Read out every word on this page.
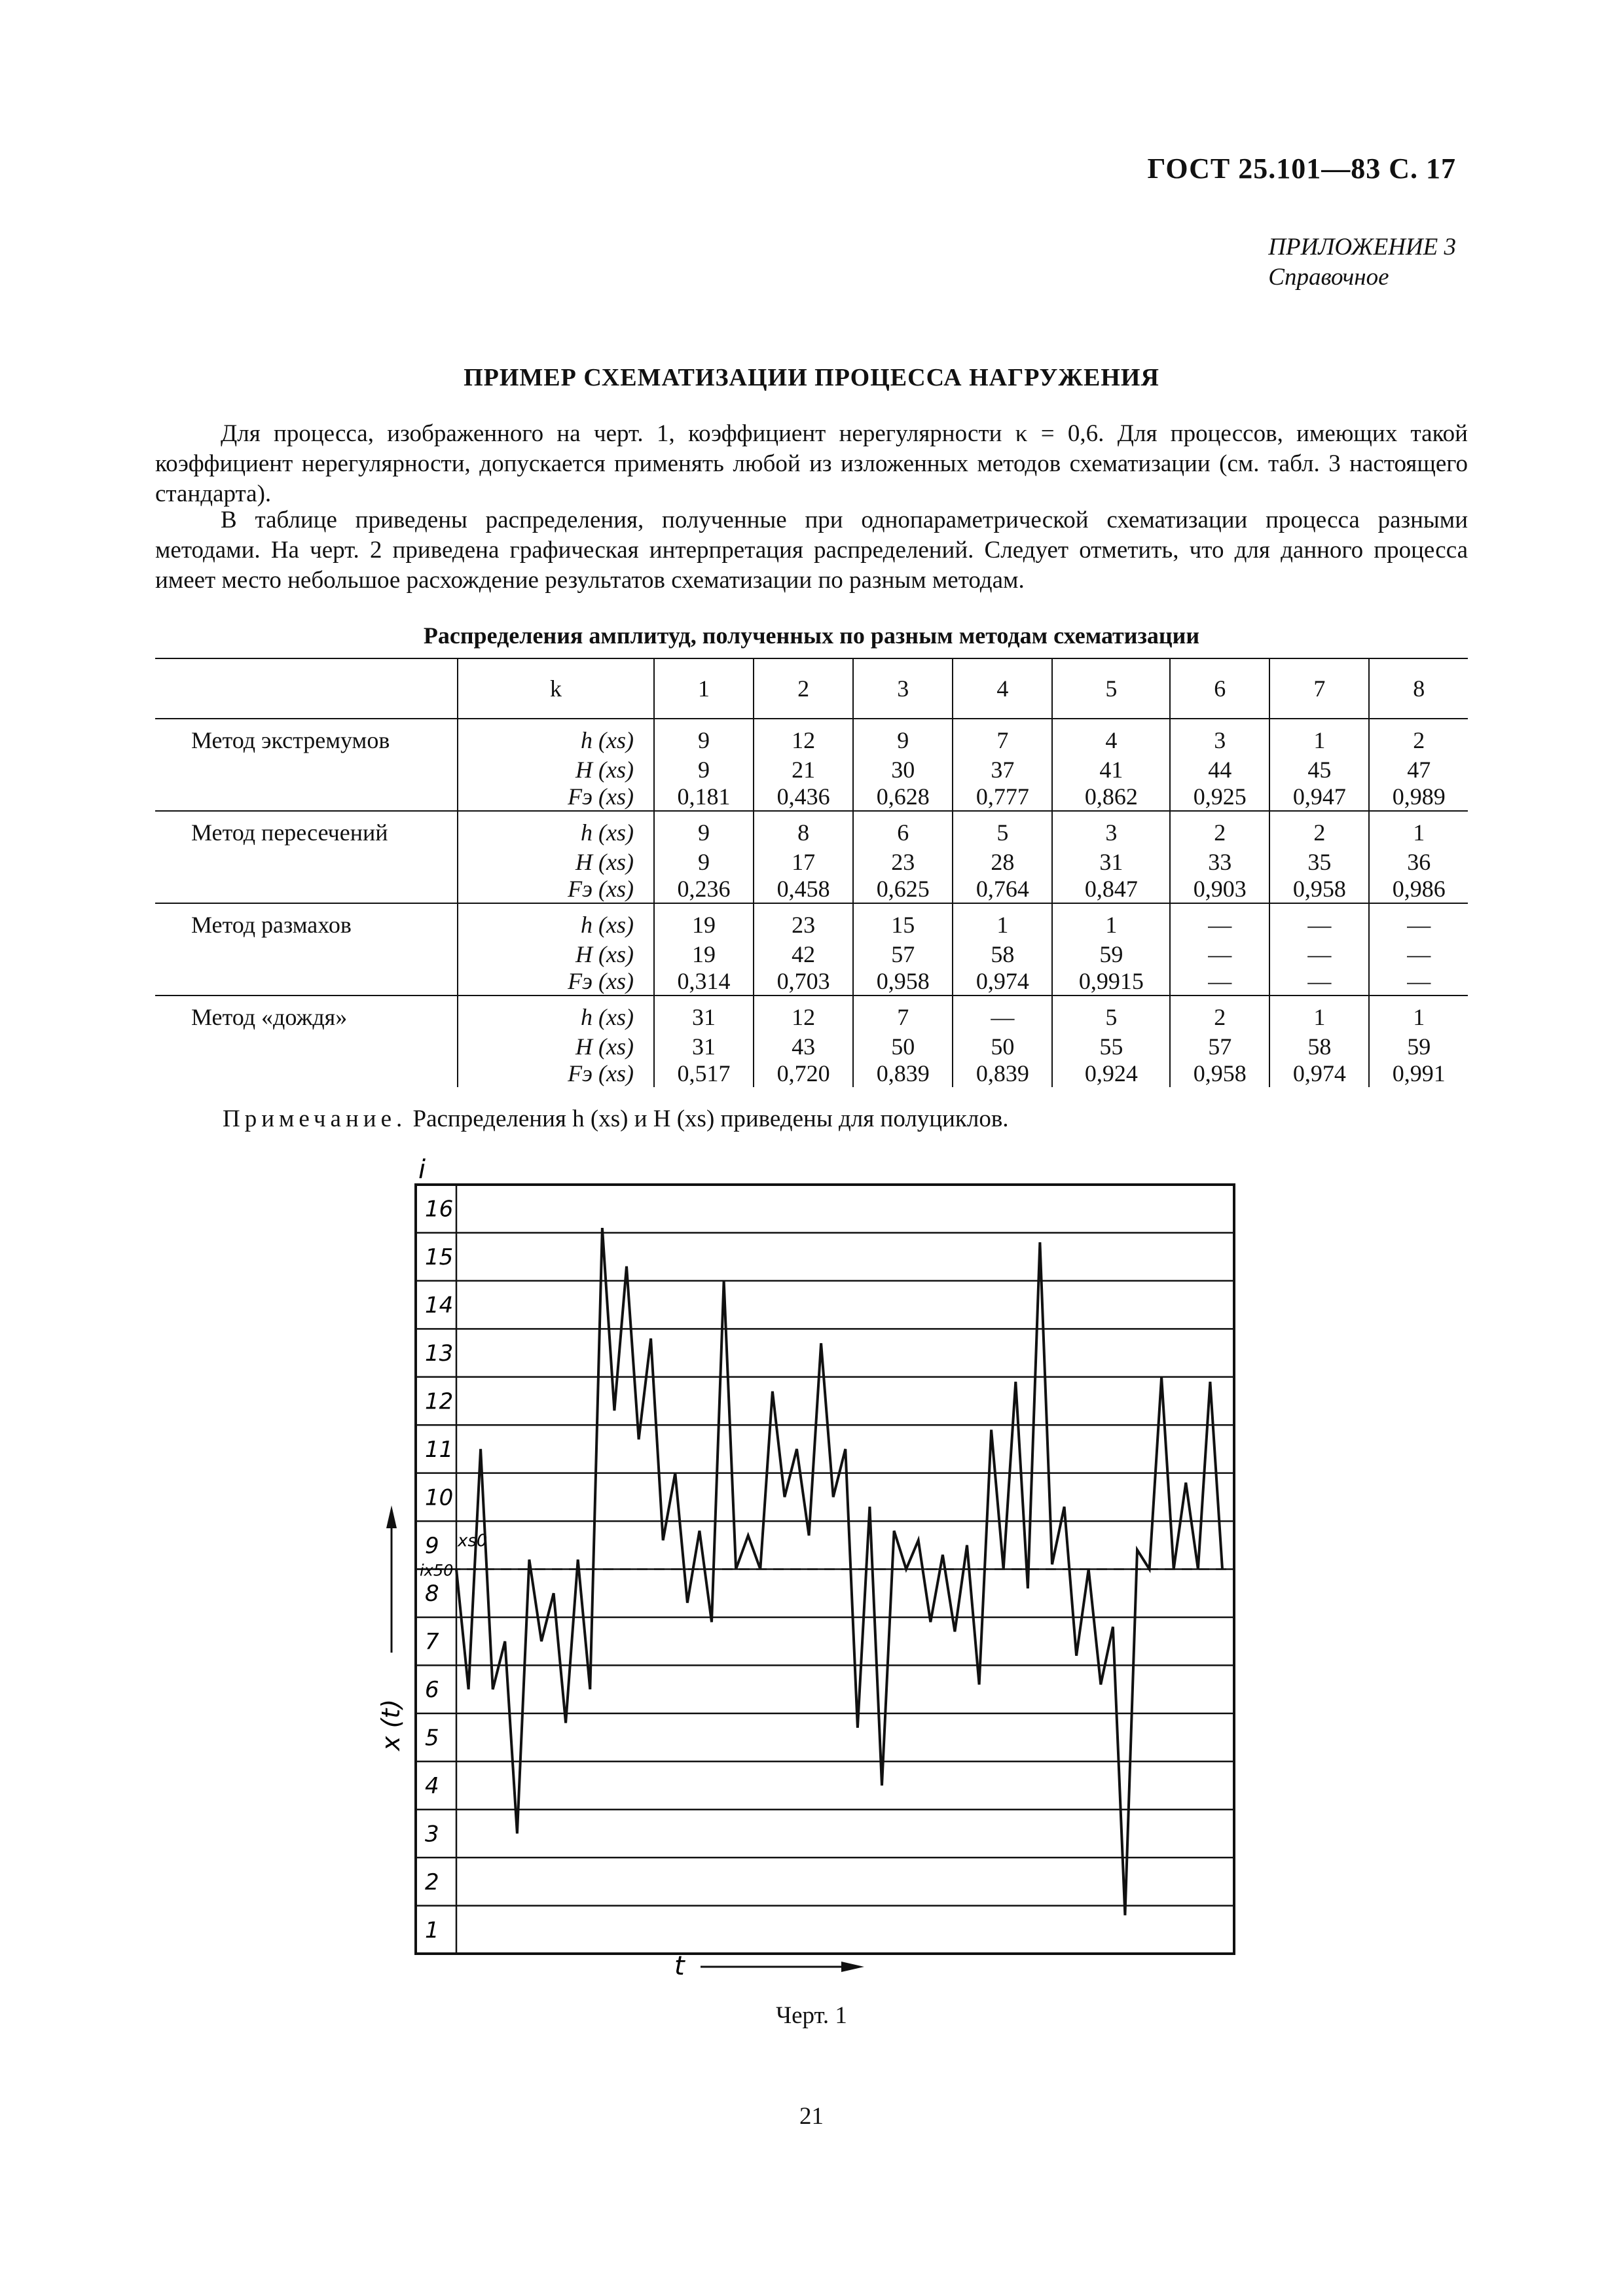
ГОСТ 25.101—83 С. 17
ПРИЛОЖЕНИЕ 3
Справочное
ПРИМЕР СХЕМАТИЗАЦИИ ПРОЦЕССА НАГРУЖЕНИЯ
Для процесса, изображенного на черт. 1, коэффициент нерегулярности κ = 0,6. Для процессов, имеющих такой коэффициент нерегулярности, допускается применять любой из изложенных методов схематизации (см. табл. 3 настоящего стандарта).
В таблице приведены распределения, полученные при однопараметрической схематизации процесса разными методами. На черт. 2 приведена графическая интерпретация распределений. Следует отметить, что для данного процесса имеет место небольшое расхождение результатов схематизации по разным методам.
Распределения амплитуд, полученных по разным методам схематизации
	k	1	2	3	4	5	6	7	8
Метод экстремумов	h (xs)	9	12	9	7	4	3	1	2
	H (xs)	9	21	30	37	41	44	45	47
	Fэ (xs)	0,181	0,436	0,628	0,777	0,862	0,925	0,947	0,989
Метод пересечений	h (xs)	9	8	6	5	3	2	2	1
	H (xs)	9	17	23	28	31	33	35	36
	Fэ (xs)	0,236	0,458	0,625	0,764	0,847	0,903	0,958	0,986
Метод размахов	h (xs)	19	23	15	1	1	—	—	—
	H (xs)	19	42	57	58	59	—	—	—
	Fэ (xs)	0,314	0,703	0,958	0,974	0,9915	—	—	—
Метод «дождя»	h (xs)	31	12	7	—	5	2	1	1
	H (xs)	31	43	50	50	55	57	58	59
	Fэ (xs)	0,517	0,720	0,839	0,839	0,924	0,958	0,974	0,991
Примечание. Распределения h (xs) и H (xs) приведены для полуциклов.
1
2
3
4
5
6
7
8
9
10
11
12
13
14
15
16
ix50
xs0
i
x (t)
t
Черт. 1
21
